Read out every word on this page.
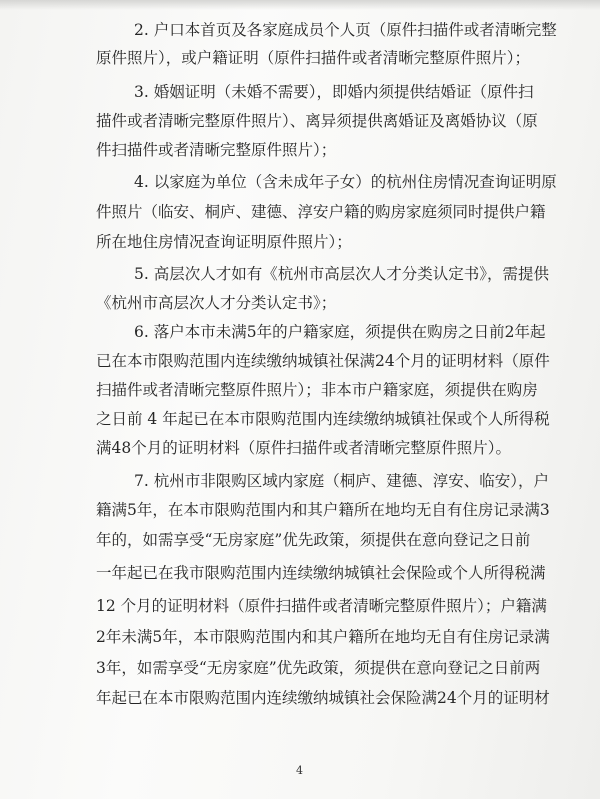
2. 户口本首页及各家庭成员个人页（原件扫描件或者清晰完整
原件照片），或户籍证明（原件扫描件或者清晰完整原件照片）；
3. 婚姻证明（未婚不需要），即婚内须提供结婚证（原件扫
描件或者清晰完整原件照片）、离异须提供离婚证及离婚协议（原
件扫描件或者清晰完整原件照片）；
4. 以家庭为单位（含未成年子女）的杭州住房情况查询证明原
件照片（临安、桐庐、建德、淳安户籍的购房家庭须同时提供户籍
所在地住房情况查询证明原件照片）；
5. 高层次人才如有《杭州市高层次人才分类认定书》，需提供
《杭州市高层次人才分类认定书》；
6. 落户本市未满5年的户籍家庭，须提供在购房之日前2年起
已在本市限购范围内连续缴纳城镇社保满24个月的证明材料（原件
扫描件或者清晰完整原件照片）；非本市户籍家庭，须提供在购房
之日前 4 年起已在本市限购范围内连续缴纳城镇社保或个人所得税
满48个月的证明材料（原件扫描件或者清晰完整原件照片）。
7. 杭州市非限购区域内家庭（桐庐、建德、淳安、临安），户
籍满5年，在本市限购范围内和其户籍所在地均无自有住房记录满3
年的，如需享受“无房家庭”优先政策，须提供在意向登记之日前
一年起已在我市限购范围内连续缴纳城镇社会保险或个人所得税满
12 个月的证明材料（原件扫描件或者清晰完整原件照片）；户籍满
2年未满5年，本市限购范围内和其户籍所在地均无自有住房记录满
3年，如需享受“无房家庭”优先政策，须提供在意向登记之日前两
年起已在本市限购范围内连续缴纳城镇社会保险满24个月的证明材
4
